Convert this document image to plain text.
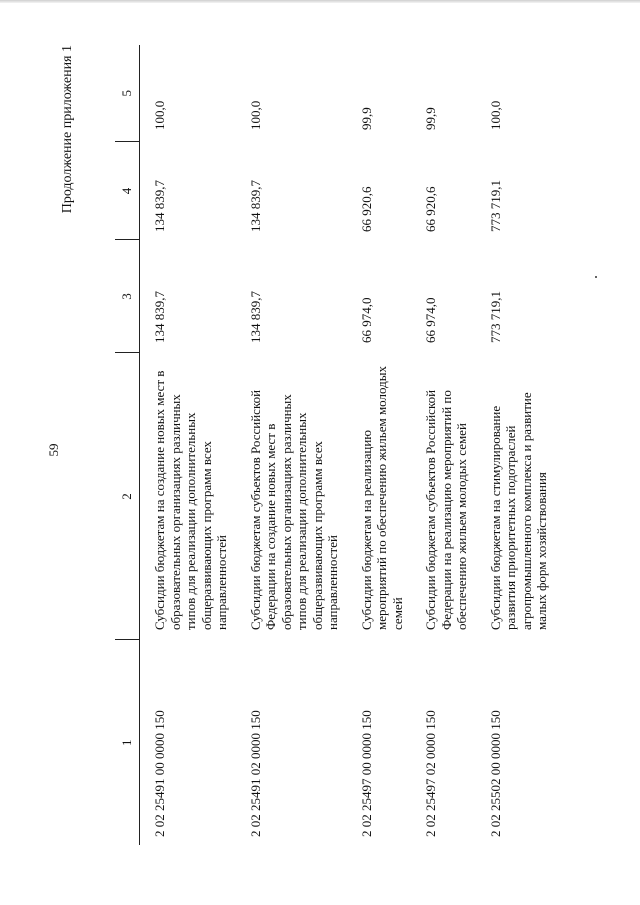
59
Продолжение приложения 1
1	2	3	4	5
2 02 25491 00 0000 150	Субсидии бюджетам на создание новых мест в образовательных организациях различных типов для реализации дополнительных общеразвивающих программ всех направленностей	134 839,7	134 839,7	100,0
2 02 25491 02 0000 150	Субсидии бюджетам субъектов Российской Федерации на создание новых мест в образовательных организациях различных типов для реализации дополнительных общеразвивающих программ всех направленностей	134 839,7	134 839,7	100,0
2 02 25497 00 0000 150	Субсидии бюджетам на реализацию мероприятий по обеспечению жильем молодых семей	66 974,0	66 920,6	99,9
2 02 25497 02 0000 150	Субсидии бюджетам субъектов Российской Федерации на реализацию мероприятий по обеспечению жильем молодых семей	66 974,0	66 920,6	99,9
2 02 25502 00 0000 150	Субсидии бюджетам на стимулирование развития приоритетных подотраслей агропромышленного комплекса и развитие малых форм хозяйствования	773 719,1	773 719,1	100,0
